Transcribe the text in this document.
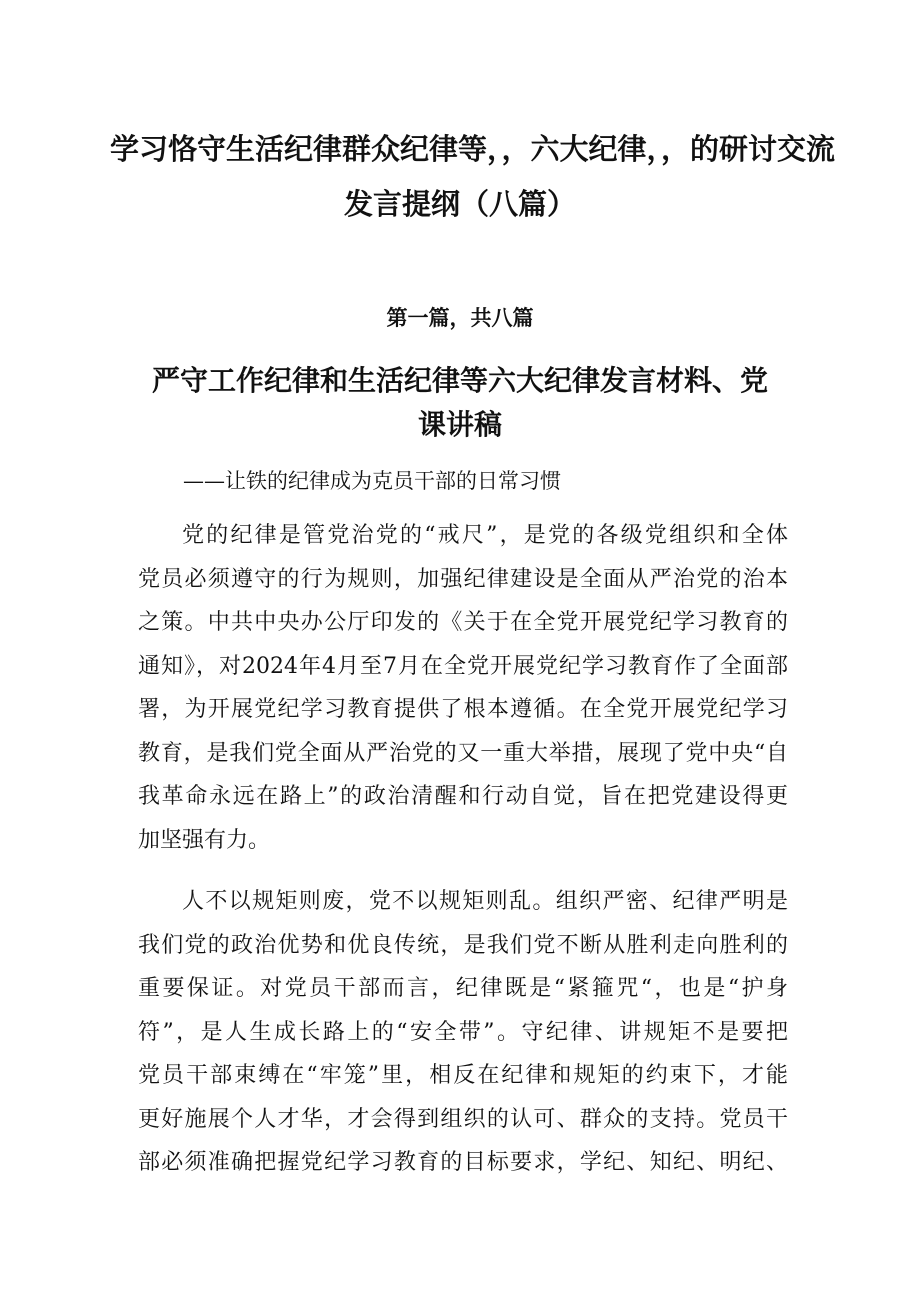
学习恪守生活纪律群众纪律等，，六大纪律，，的研讨交流
发言提纲（八篇）
第一篇，共八篇
严守工作纪律和生活纪律等六大纪律发言材料、党
课讲稿
——让铁的纪律成为克员干部的日常习惯
党的纪律是管党治党的“戒尺”，是党的各级党组织和全体
党员必须遵守的行为规则，加强纪律建设是全面从严治党的治本
之策。中共中央办公厅印发的《关于在全党开展党纪学习教育的
通知》，对2024年4月至7月在全党开展党纪学习教育作了全面部
署，为开展党纪学习教育提供了根本遵循。在全党开展党纪学习
教育，是我们党全面从严治党的又一重大举措，展现了党中央“自
我革命永远在路上”的政治清醒和行动自觉，旨在把党建设得更
加坚强有力。
人不以规矩则废，党不以规矩则乱。组织严密、纪律严明是
我们党的政治优势和优良传统，是我们党不断从胜利走向胜利的
重要保证。对党员干部而言，纪律既是“紧箍咒“，也是“护身
符”，是人生成长路上的“安全带”。守纪律、讲规矩不是要把
党员干部束缚在“牢笼”里，相反在纪律和规矩的约束下，才能
更好施展个人才华，才会得到组织的认可、群众的支持。党员干
部必须准确把握党纪学习教育的目标要求，学纪、知纪、明纪、
